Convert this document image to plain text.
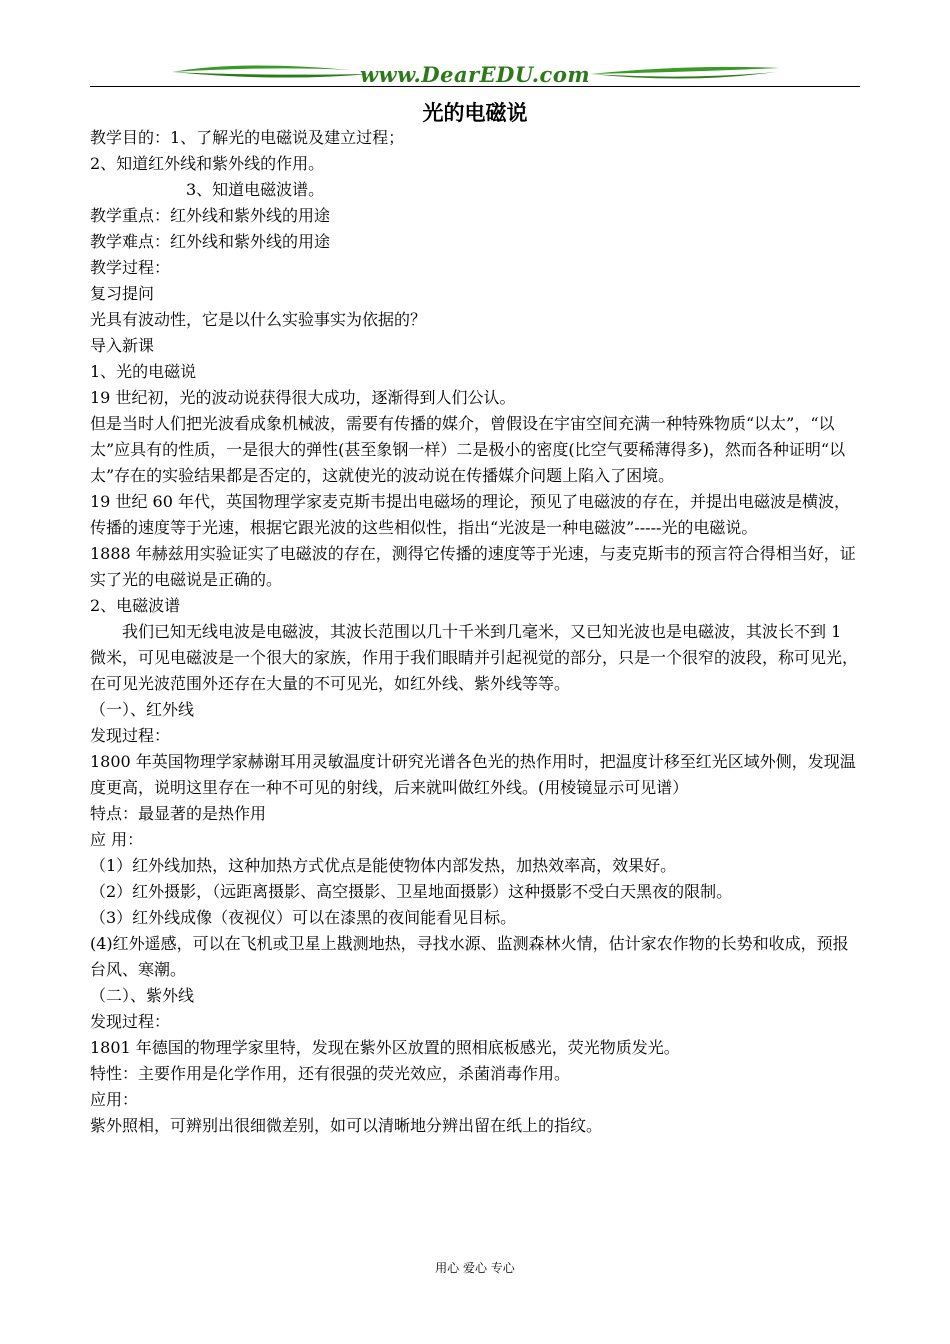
www.DearEDU.com
光的电磁说

教学目的：1、了解光的电磁说及建立过程；

2、知道红外线和紫外线的作用。

3、知道电磁波谱。

教学重点：红外线和紫外线的用途

教学难点：红外线和紫外线的用途

教学过程：

复习提问

光具有波动性，它是以什么实验事实为依据的？

导入新课

1、光的电磁说

19 世纪初，光的波动说获得很大成功，逐渐得到人们公认。

但是当时人们把光波看成象机械波，需要有传播的媒介，曾假设在宇宙空间充满一种特殊物质“以太”，“以太”应具有的性质，一是很大的弹性(甚至象钢一样）二是极小的密度(比空气要稀薄得多)，然而各种证明“以太”存在的实验结果都是否定的，这就使光的波动说在传播媒介问题上陷入了困境。

19 世纪 60 年代，英国物理学家麦克斯韦提出电磁场的理论，预见了电磁波的存在，并提出电磁波是横波，传播的速度等于光速，根据它跟光波的这些相似性，指出“光波是一种电磁波”-----光的电磁说。

1888 年赫兹用实验证实了电磁波的存在，测得它传播的速度等于光速，与麦克斯韦的预言符合得相当好，证实了光的电磁说是正确的。

2、电磁波谱

我们已知无线电波是电磁波，其波长范围以几十千米到几毫米，又已知光波也是电磁波，其波长不到 1 微米，可见电磁波是一个很大的家族，作用于我们眼睛并引起视觉的部分，只是一个很窄的波段，称可见光，在可见光波范围外还存在大量的不可见光，如红外线、紫外线等等。

（一）、红外线

发现过程：

1800 年英国物理学家赫谢耳用灵敏温度计研究光谱各色光的热作用时，把温度计移至红光区域外侧，发现温度更高，说明这里存在一种不可见的射线，后来就叫做红外线。(用棱镜显示可见谱）

特点：最显著的是热作用

应 用：

（1）红外线加热，这种加热方式优点是能使物体内部发热，加热效率高，效果好。

（2）红外摄影，（远距离摄影、高空摄影、卫星地面摄影）这种摄影不受白天黑夜的限制。

（3）红外线成像（夜视仪）可以在漆黑的夜间能看见目标。

(4)红外遥感，可以在飞机或卫星上戡测地热，寻找水源、监测森林火情，估计家农作物的长势和收成，预报台风、寒潮。

（二）、紫外线

发现过程：

1801 年德国的物理学家里特，发现在紫外区放置的照相底板感光，荧光物质发光。

特性：主要作用是化学作用，还有很强的荧光效应，杀菌消毒作用。

应用：

紫外照相，可辨别出很细微差别，如可以清晰地分辨出留在纸上的指纹。

用心 爱心 专心
